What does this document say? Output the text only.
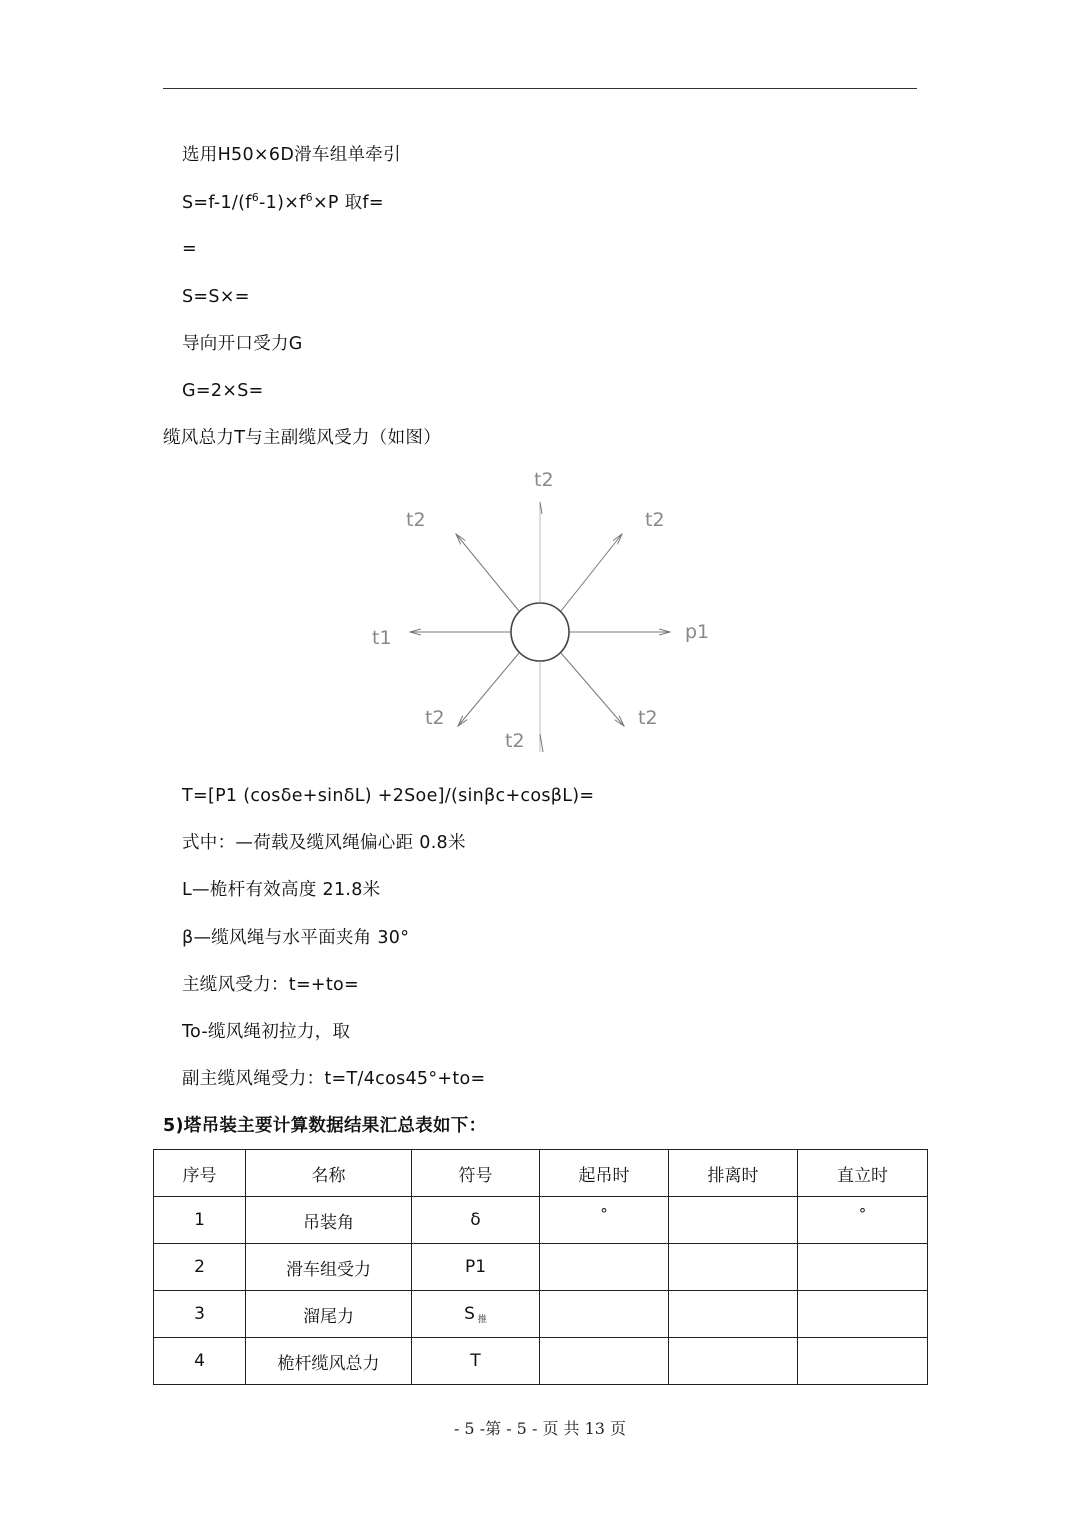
选用H50×6D滑车组单牵引
$S=f-1/(f^6-1)\times f^6\times P$ 取f=
=
S=S×=
导向开口受力G
G=2×S=
缆风总力T与主副缆风受力（如图）
t2
t2	t2
t1	p1
t2
t2
t2
T=[P1 (cosδe+sinδL) +2Soe]/(sinβc+cosβL)=
式中：—荷载及缆风绳偏心距 0.8米
L—桅杆有效高度 21.8米
β—缆风绳与水平面夹角 30°
主缆风受力：t=+to=
To-缆风绳初拉力，取
副主缆风绳受力：t=T/4cos45°+to=
5)塔吊装主要计算数据结果汇总表如下：
序号	名称	符号	起吊时	排离时	直立时
1	吊装角	δ	°		°
2	滑车组受力	P1			
3	溜尾力	S $_推$			
4	桅杆缆风总力	T			
- 5 -第 - 5 - 页 共 13 页
